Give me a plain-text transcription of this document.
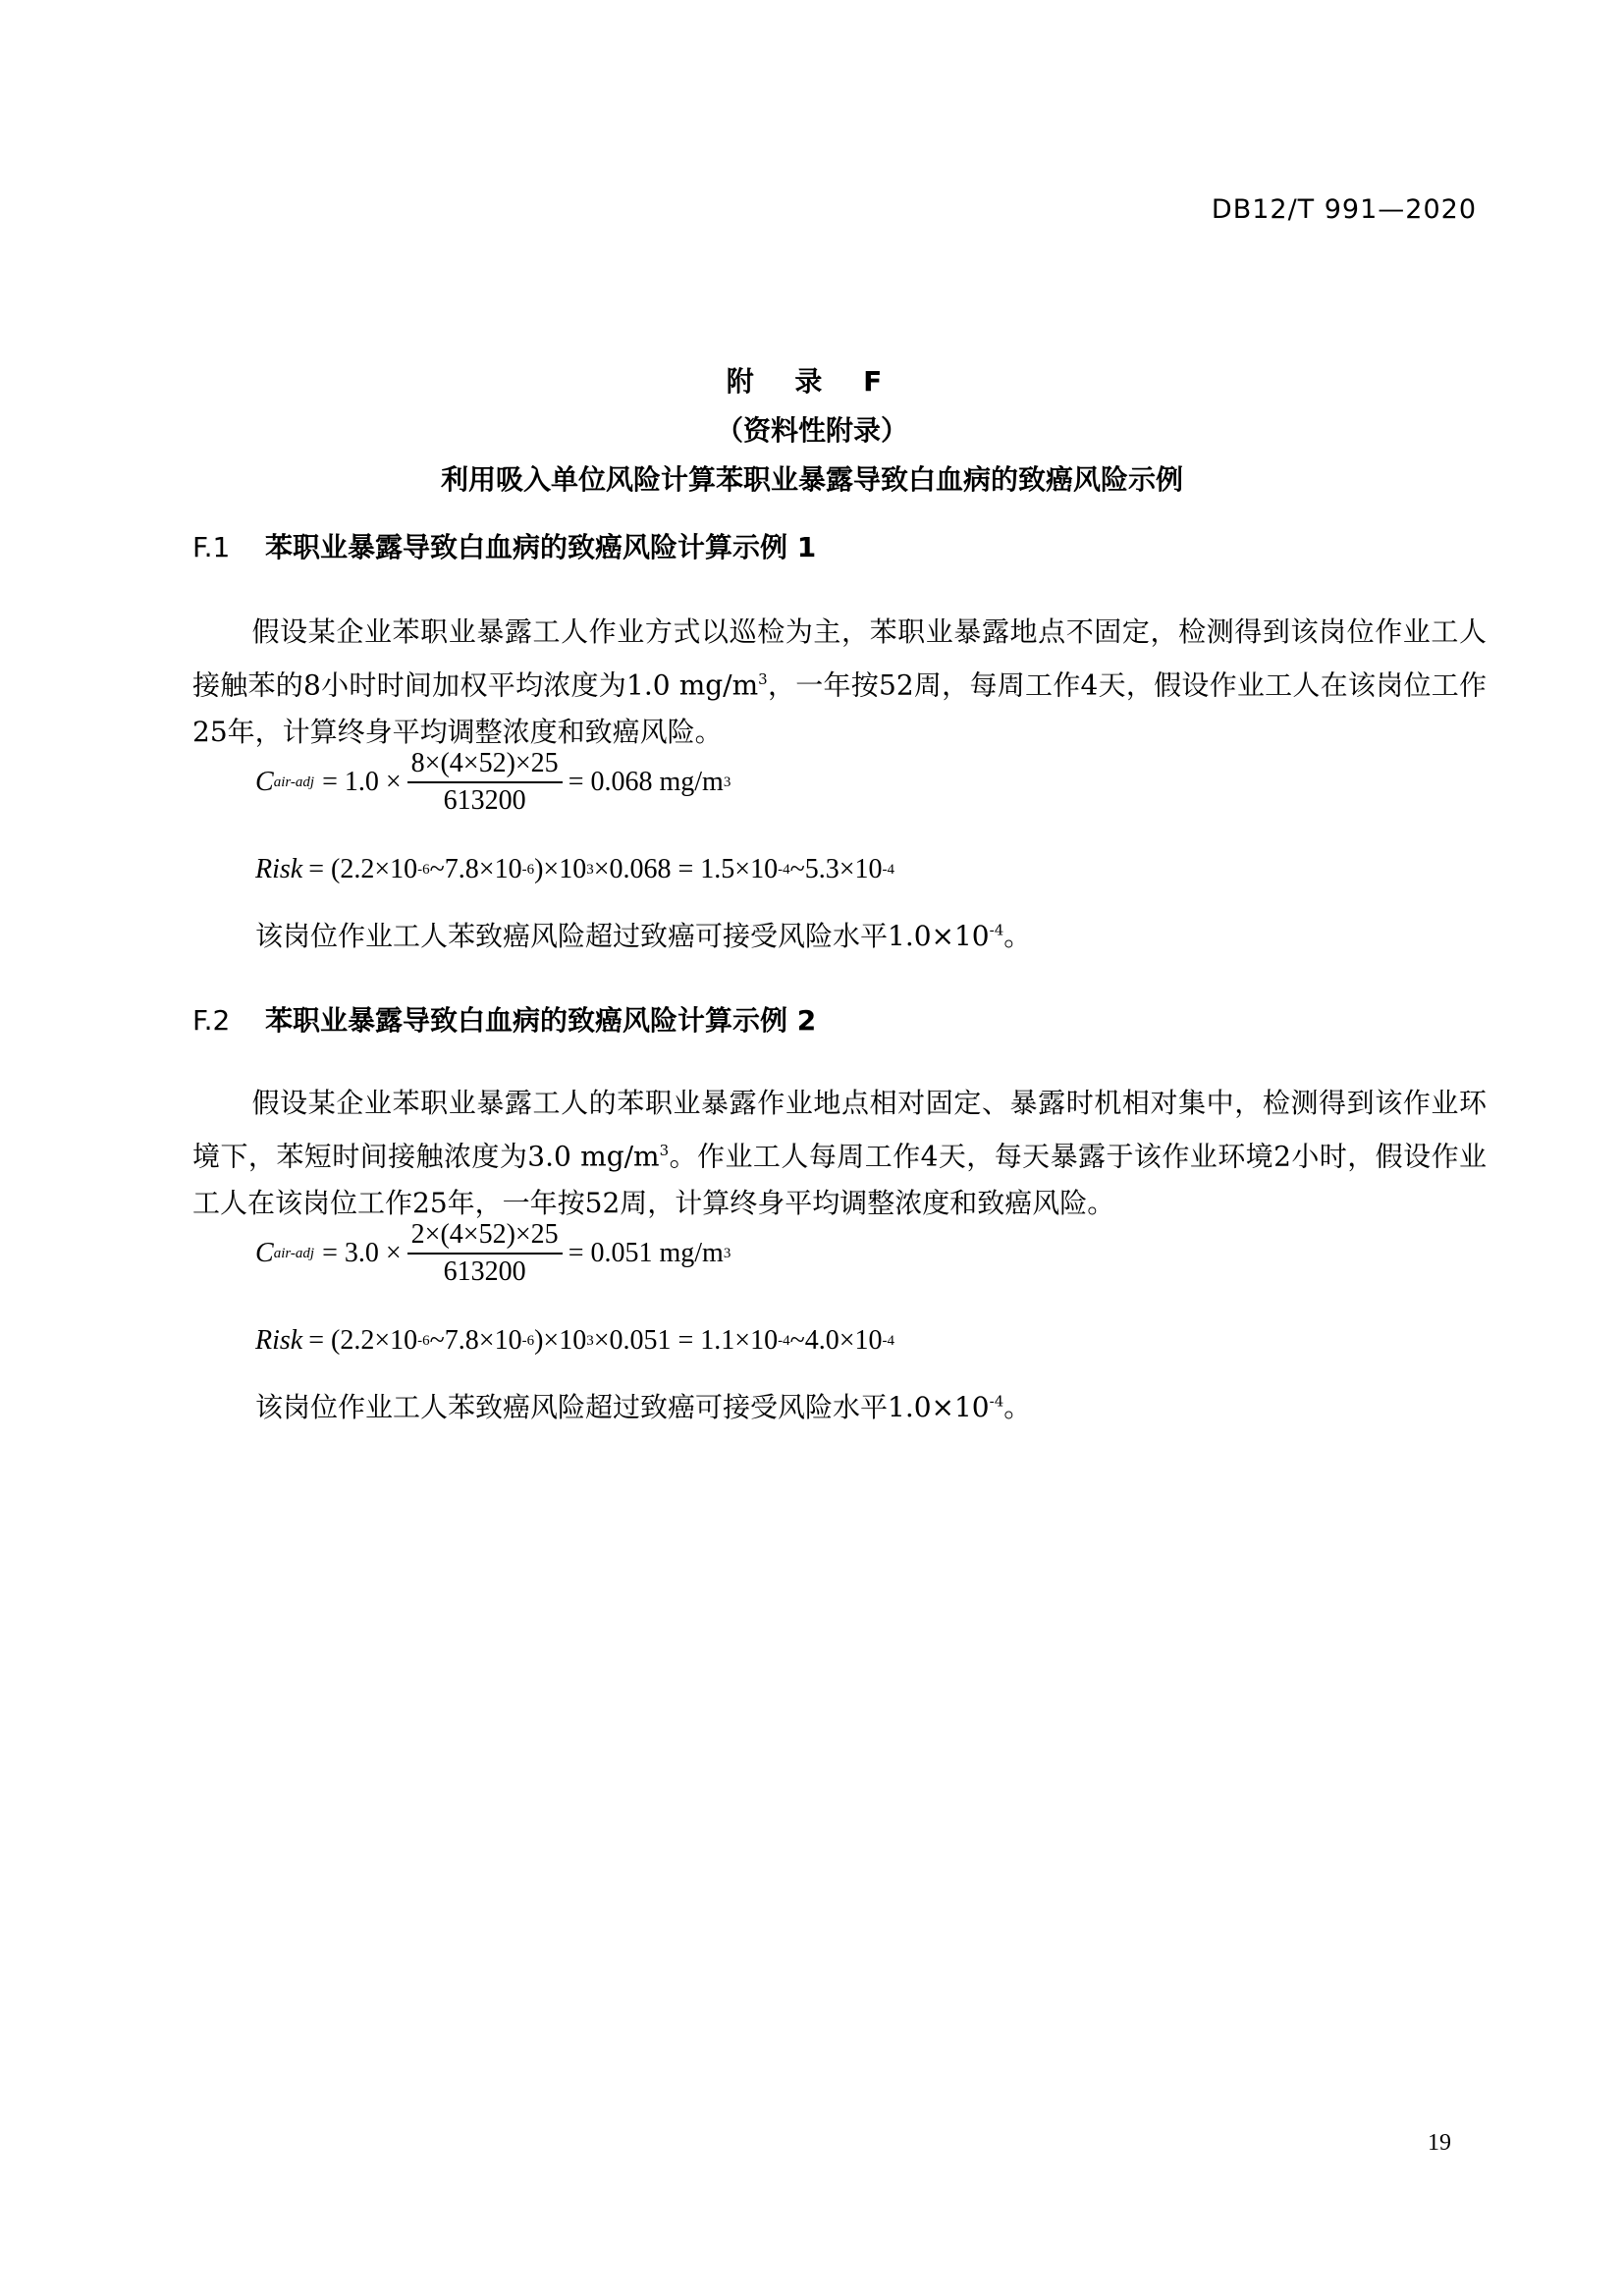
DB12/T 991—2020
附 录 F
（资料性附录）
利用吸入单位风险计算苯职业暴露导致白血病的致癌风险示例
F.1 苯职业暴露导致白血病的致癌风险计算示例 1
假设某企业苯职业暴露工人作业方式以巡检为主，苯职业暴露地点不固定，检测得到该岗位作业工人接触苯的8小时时间加权平均浓度为1.0 $mg/m^3$，一年按52周，每周工作4天，假设作业工人在该岗位工作25年，计算终身平均调整浓度和致癌风险。
C $air-adj = 1.0 \times \frac{8\times(4\times 52)\times 25}{613200} = 0.068$ mg/m 3
Risk = (2.2×10 -6 ~7.8×10 -6 )×10 3 ×0.068 = 1.5×10 -4 ~5.3×10 -4
该岗位作业工人苯致癌风险超过致癌可接受风险水平$1.0\times 10^{-4}$。
F.2 苯职业暴露导致白血病的致癌风险计算示例 2
假设某企业苯职业暴露工人的苯职业暴露作业地点相对固定、暴露时机相对集中，检测得到该作业环境下，苯短时间接触浓度为3.0 $mg/m^3$。作业工人每周工作4天，每天暴露于该作业环境2小时，假设作业工人在该岗位工作25年，一年按52周，计算终身平均调整浓度和致癌风险。
C $air-adj = 3.0 \times \frac{2\times(4\times 52)\times 25}{613200} = 0.051$ mg/m 3
Risk = (2.2×10 -6 ~7.8×10 -6 )×10 3 ×0.051 = 1.1×10 -4 ~4.0×10 -4
该岗位作业工人苯致癌风险超过致癌可接受风险水平$1.0\times 10^{-4}$。
19
